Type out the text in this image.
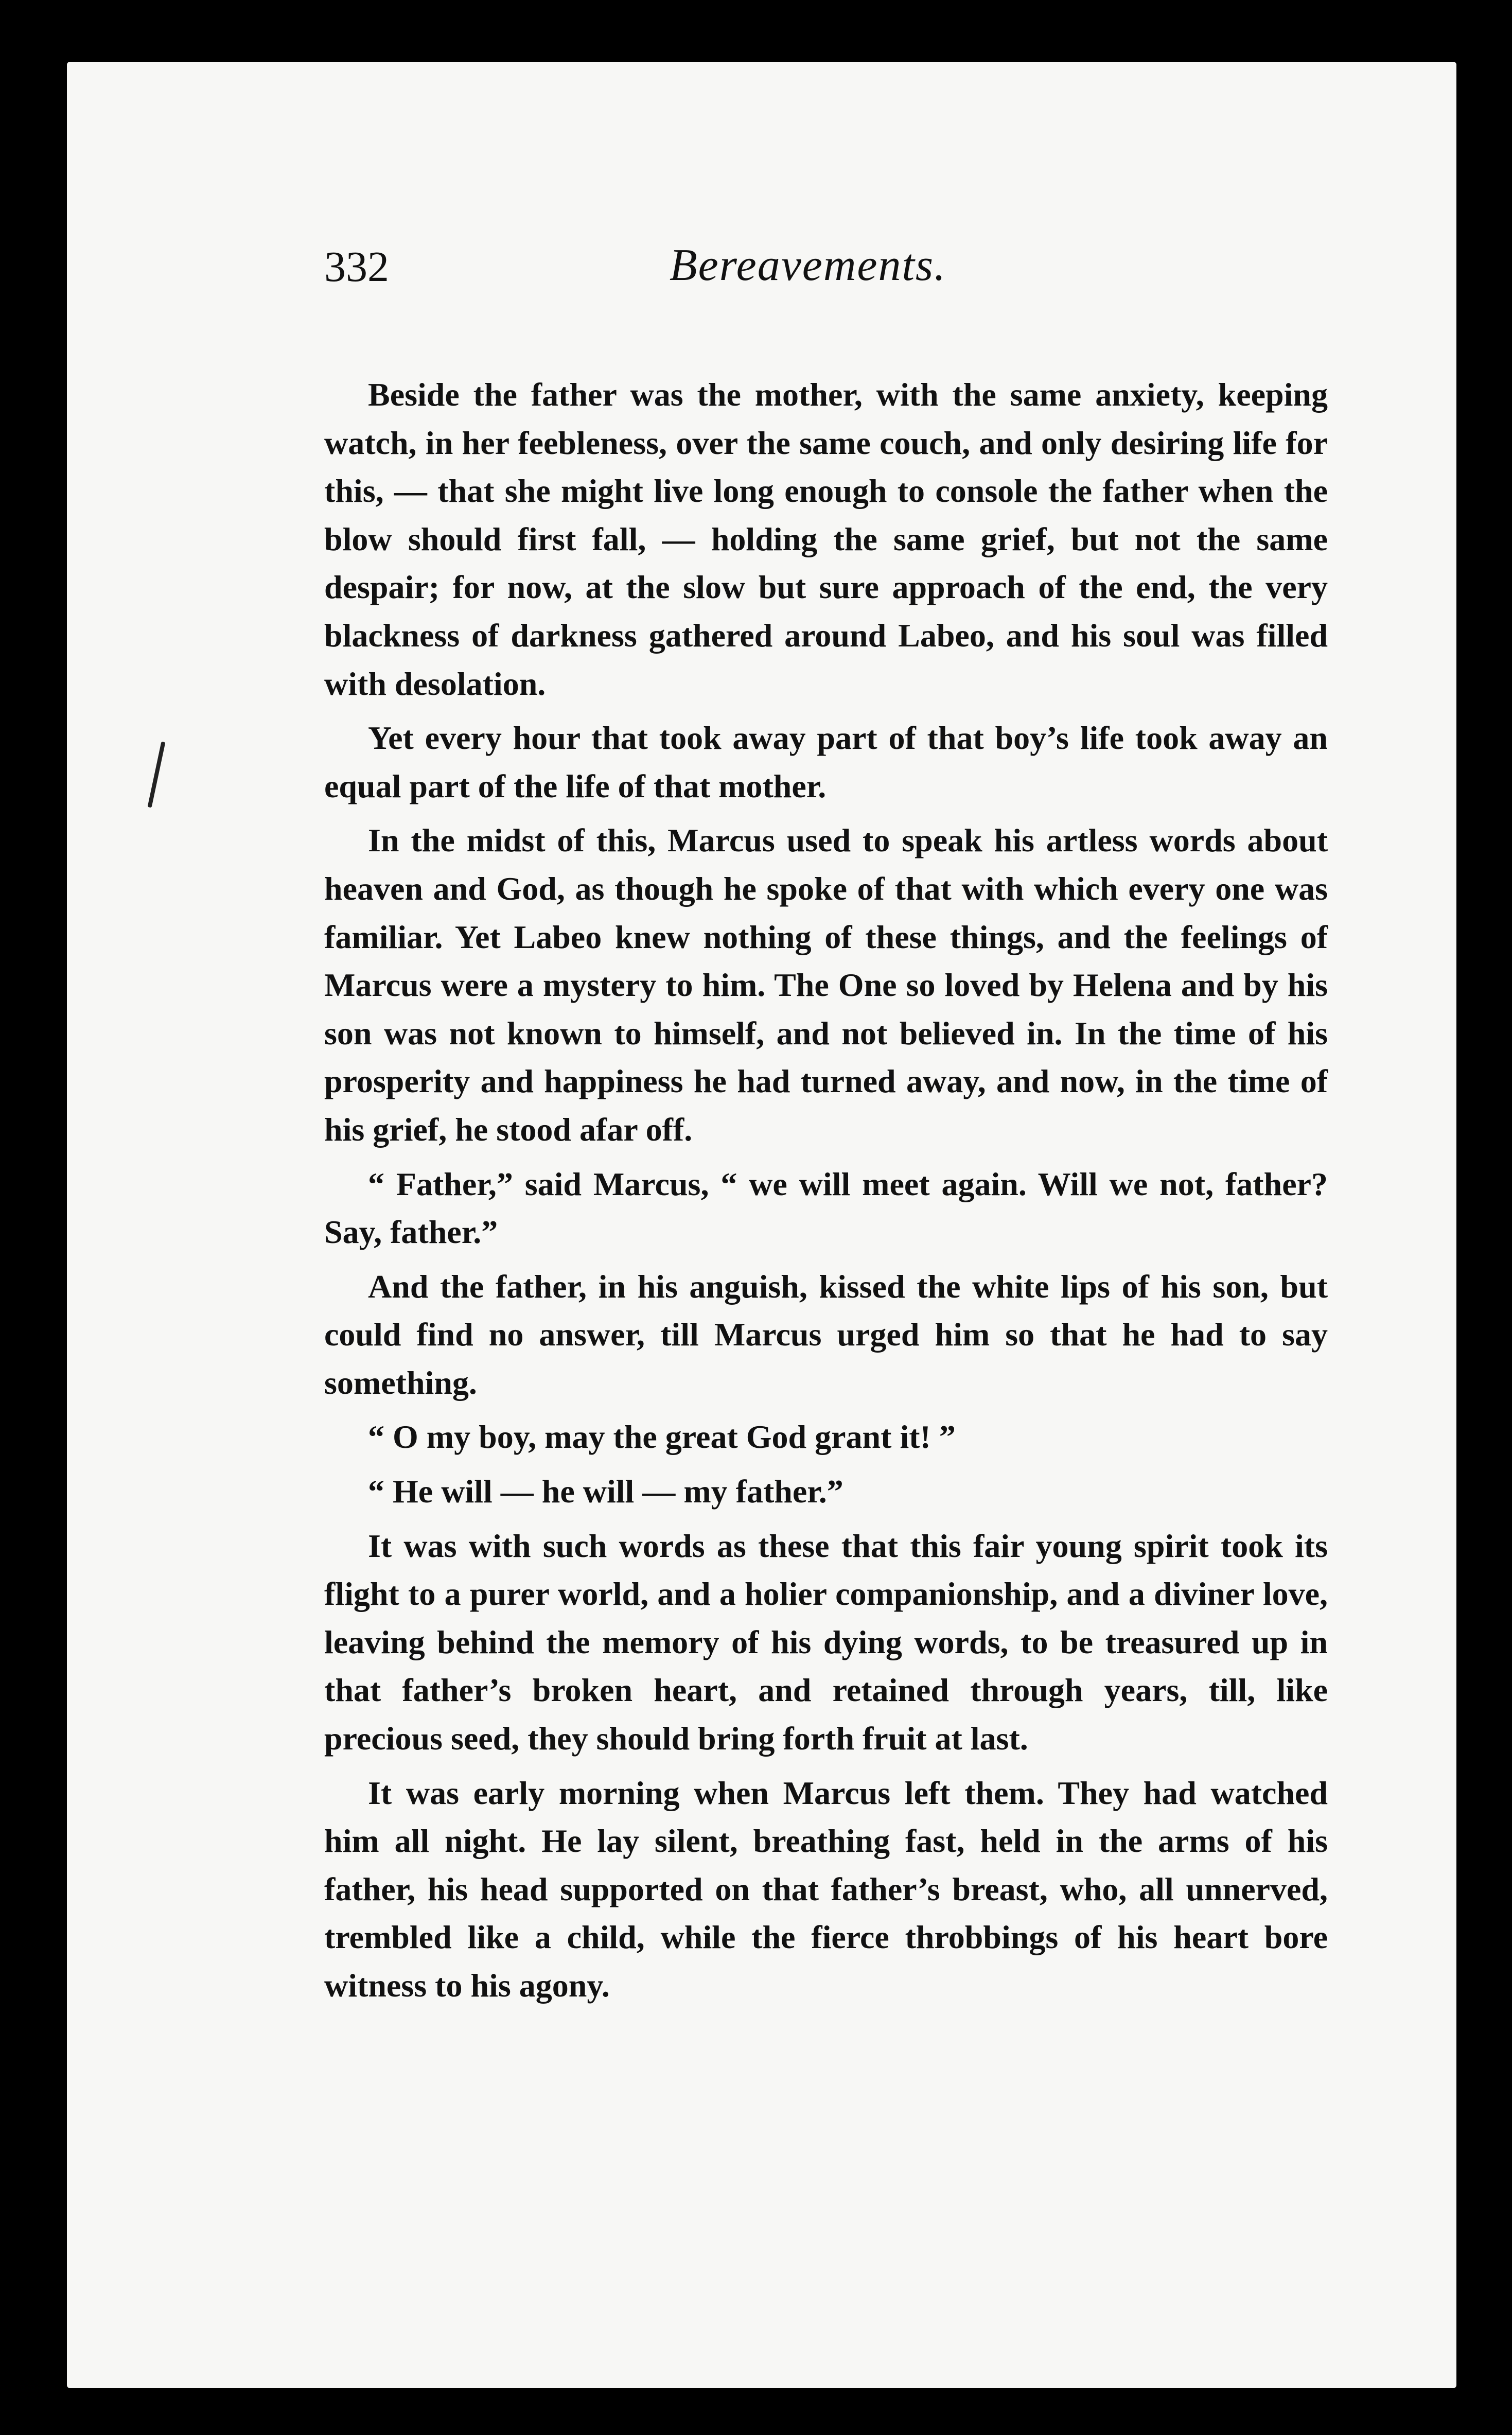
332	Bereavements.

Beside the father was the mother, with the same anxiety, keeping watch, in her feebleness, over the same couch, and only desiring life for this, — that she might live long enough to console the father when the blow should first fall, — holding the same grief, but not the same despair; for now, at the slow but sure approach of the end, the very blackness of darkness gathered around Labeo, and his soul was filled with desolation.

Yet every hour that took away part of that boy’s life took away an equal part of the life of that mother.

In the midst of this, Marcus used to speak his artless words about heaven and God, as though he spoke of that with which every one was familiar. Yet Labeo knew nothing of these things, and the feelings of Marcus were a mystery to him. The One so loved by Helena and by his son was not known to himself, and not believed in. In the time of his prosperity and happiness he had turned away, and now, in the time of his grief, he stood afar off.

“ Father,” said Marcus, “ we will meet again. Will we not, father? Say, father.”

And the father, in his anguish, kissed the white lips of his son, but could find no answer, till Marcus urged him so that he had to say something.

“ O my boy, may the great God grant it! ”

“ He will — he will — my father.”

It was with such words as these that this fair young spirit took its flight to a purer world, and a holier companionship, and a diviner love, leaving behind the memory of his dying words, to be treasured up in that father’s broken heart, and retained through years, till, like precious seed, they should bring forth fruit at last.

It was early morning when Marcus left them. They had watched him all night. He lay silent, breathing fast, held in the arms of his father, his head supported on that father’s breast, who, all unnerved, trembled like a child, while the fierce throbbings of his heart bore witness to his agony.
